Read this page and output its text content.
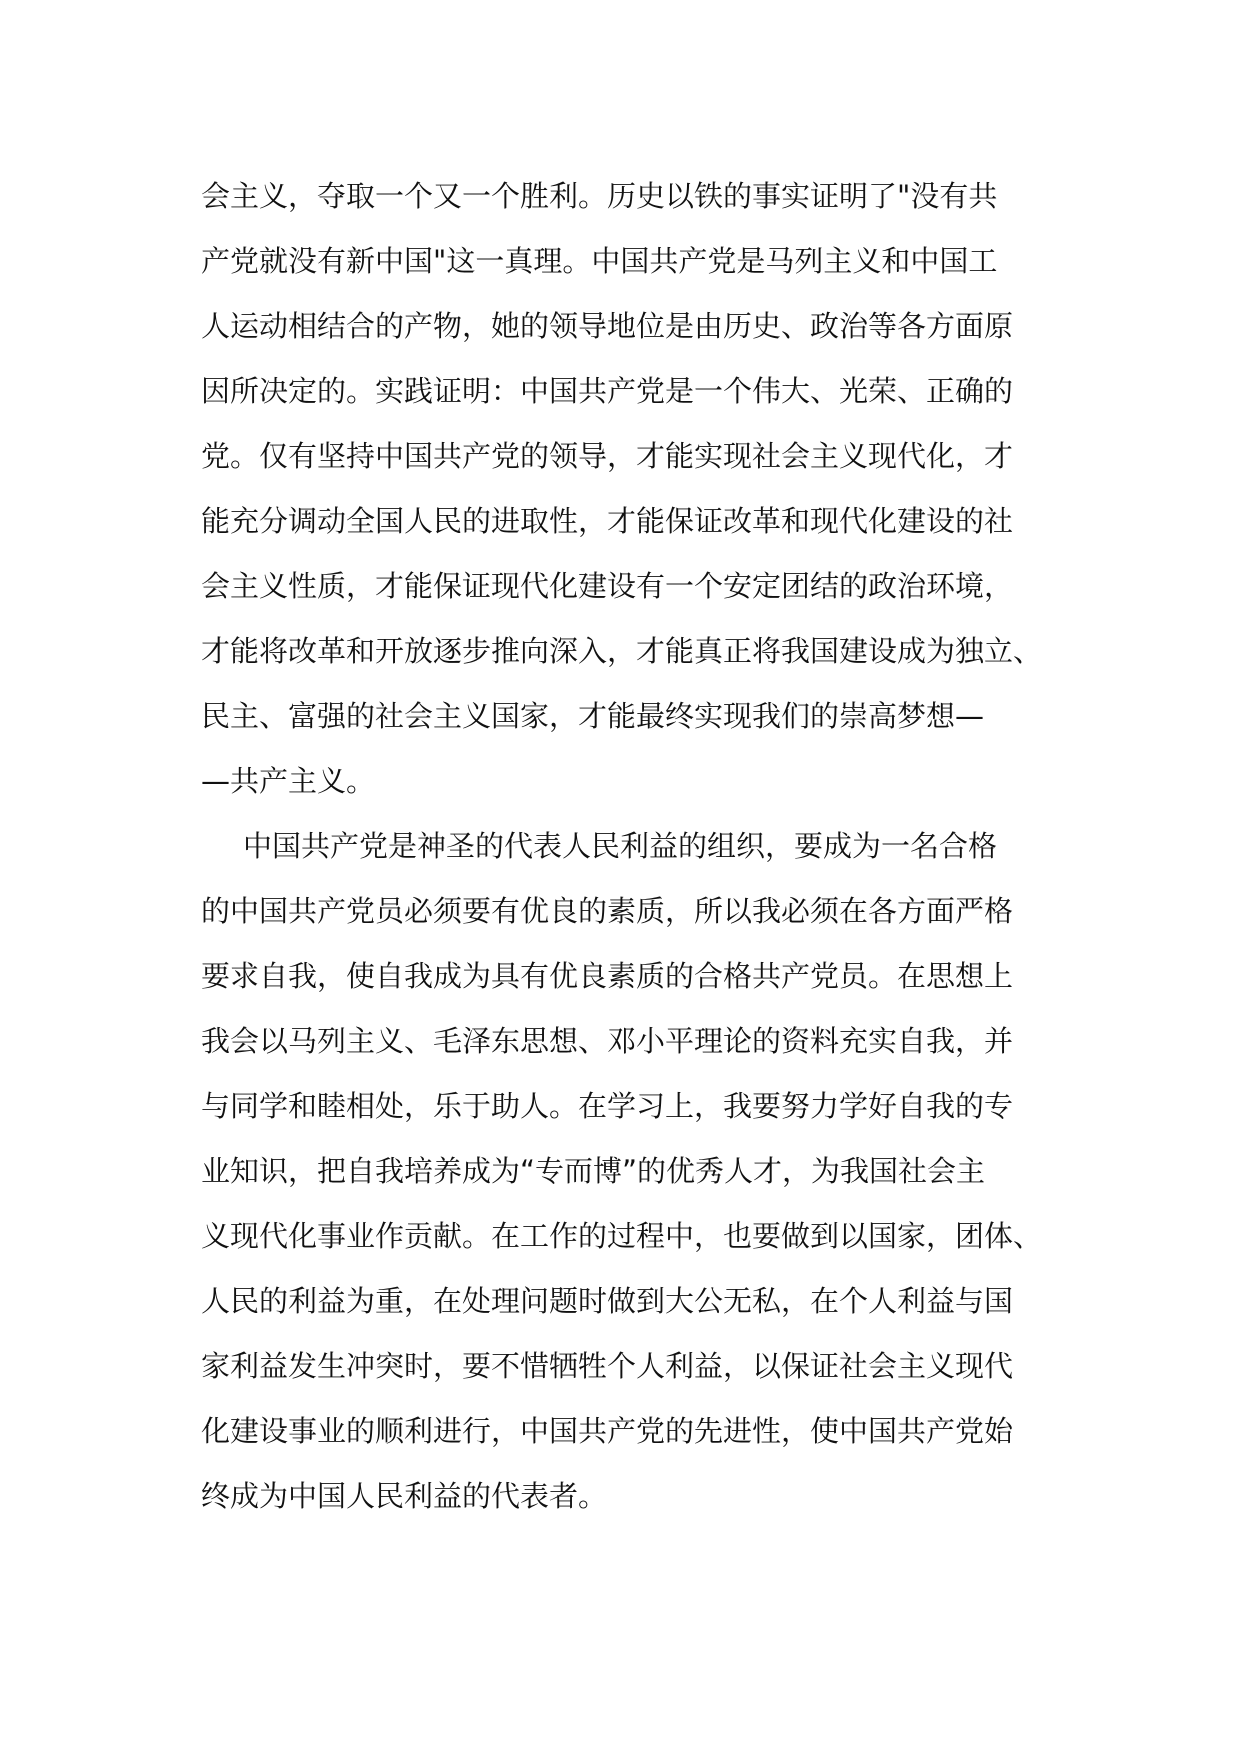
会主义，夺取一个又一个胜利。历史以铁的事实证明了"没有共
产党就没有新中国"这一真理。中国共产党是马列主义和中国工
人运动相结合的产物，她的领导地位是由历史、政治等各方面原
因所决定的。实践证明：中国共产党是一个伟大、光荣、正确的
党。仅有坚持中国共产党的领导，才能实现社会主义现代化，才
能充分调动全国人民的进取性，才能保证改革和现代化建设的社
会主义性质，才能保证现代化建设有一个安定团结的政治环境，
才能将改革和开放逐步推向深入，才能真正将我国建设成为独立、
民主、富强的社会主义国家，才能最终实现我们的崇高梦想—
—共产主义。
中国共产党是神圣的代表人民利益的组织，要成为一名合格
的中国共产党员必须要有优良的素质，所以我必须在各方面严格
要求自我，使自我成为具有优良素质的合格共产党员。在思想上
我会以马列主义、毛泽东思想、邓小平理论的资料充实自我，并
与同学和睦相处，乐于助人。在学习上，我要努力学好自我的专
业知识，把自我培养成为“专而博”的优秀人才，为我国社会主
义现代化事业作贡献。在工作的过程中，也要做到以国家，团体、
人民的利益为重，在处理问题时做到大公无私，在个人利益与国
家利益发生冲突时，要不惜牺牲个人利益，以保证社会主义现代
化建设事业的顺利进行，中国共产党的先进性，使中国共产党始
终成为中国人民利益的代表者。
